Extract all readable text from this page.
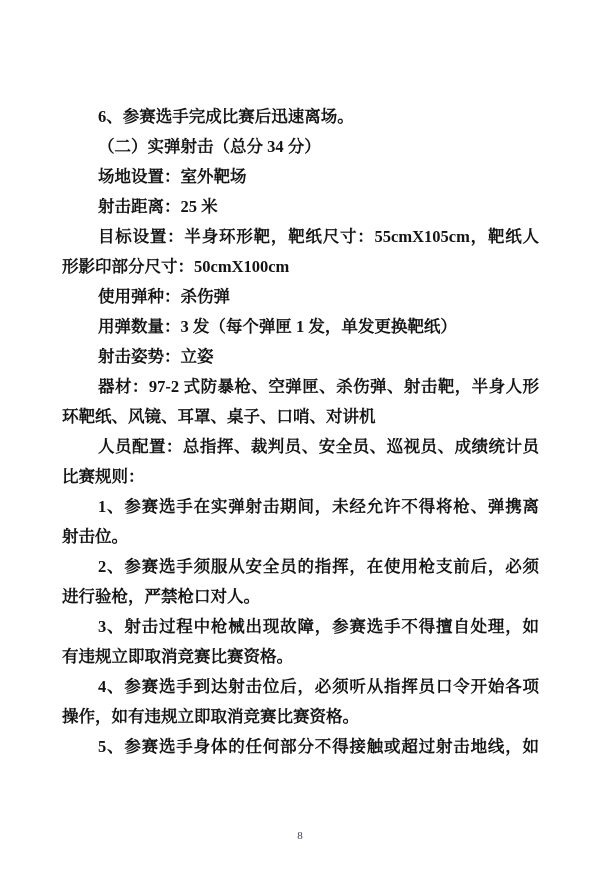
6、参赛选手完成比赛后迅速离场。
（二）实弹射击（总分 34 分）
场地设置：室外靶场
射击距离：25 米
目标设置：半身环形靶，靶纸尺寸：55cmX105cm，靶纸人
形影印部分尺寸：50cmX100cm
使用弹种：杀伤弹
用弹数量：3 发（每个弹匣 1 发，单发更换靶纸）
射击姿势：立姿
器材：97-2 式防暴枪、空弹匣、杀伤弹、射击靶，半身人形
环靶纸、风镜、耳罩、桌子、口哨、对讲机
人员配置：总指挥、裁判员、安全员、巡视员、成绩统计员
比赛规则：
1、参赛选手在实弹射击期间，未经允许不得将枪、弹携离
射击位。
2、参赛选手须服从安全员的指挥，在使用枪支前后，必须
进行验枪，严禁枪口对人。
3、射击过程中枪械出现故障，参赛选手不得擅自处理，如
有违规立即取消竞赛比赛资格。
4、参赛选手到达射击位后，必须听从指挥员口令开始各项
操作，如有违规立即取消竞赛比赛资格。
5、参赛选手身体的任何部分不得接触或超过射击地线，如
8
